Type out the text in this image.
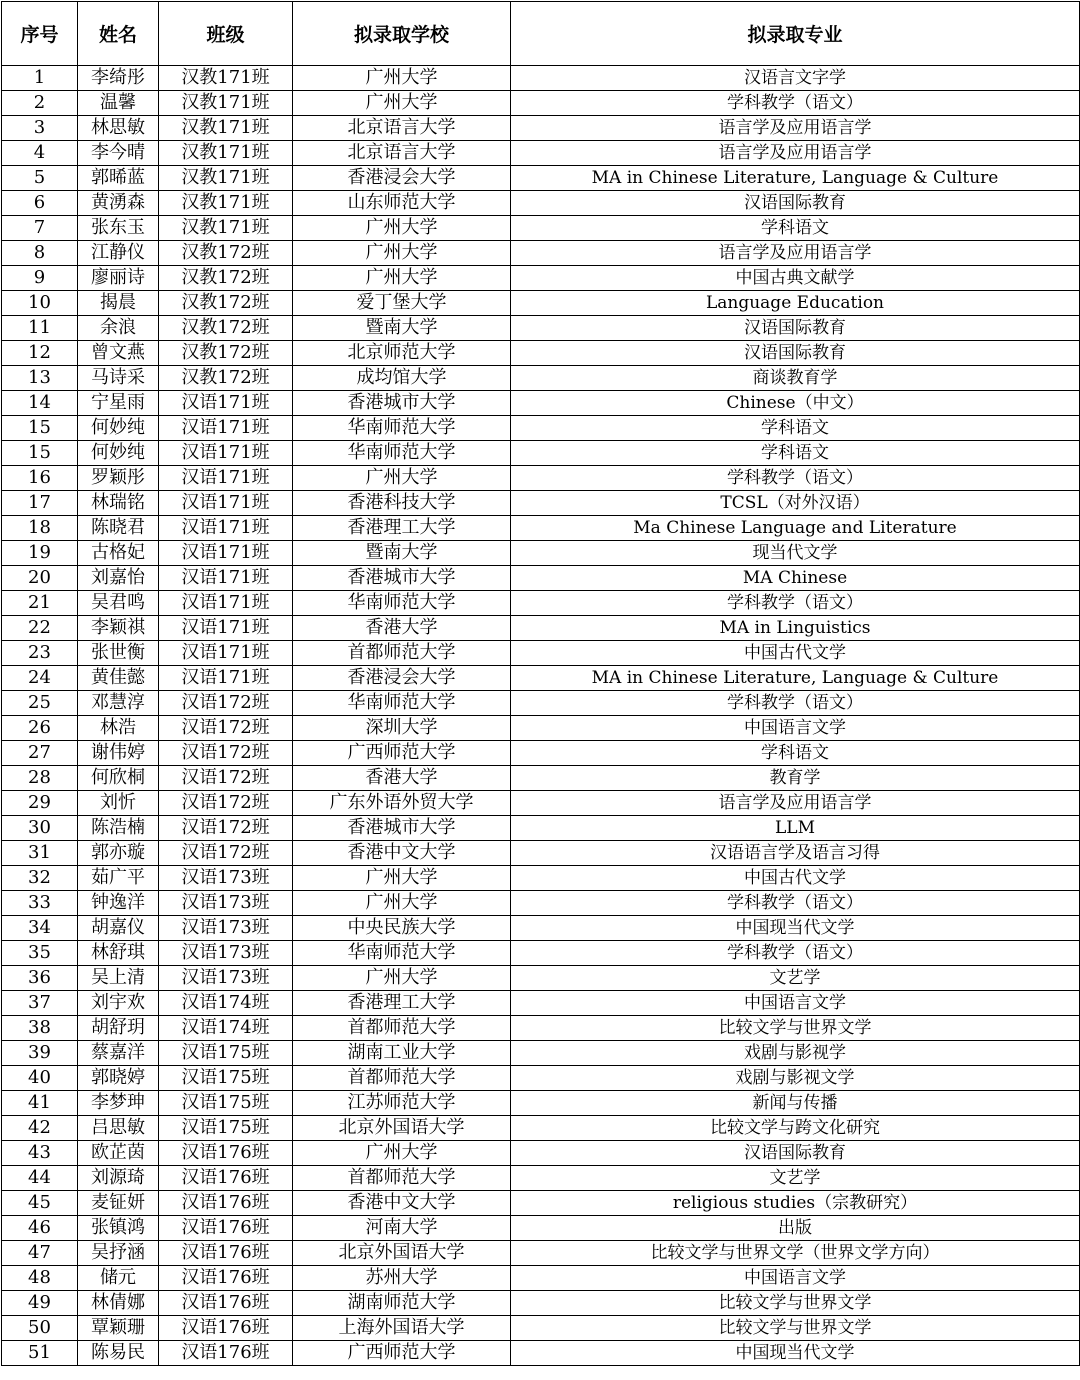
序号	姓名	班级	拟录取学校	拟录取专业
1	李绮彤	汉教171班	广州大学	汉语言文字学
2	温馨	汉教171班	广州大学	学科教学（语文）
3	林思敏	汉教171班	北京语言大学	语言学及应用语言学
4	李今晴	汉教171班	北京语言大学	语言学及应用语言学
5	郭晞蓝	汉教171班	香港浸会大学	MA in Chinese Literature, Language & Culture
6	黄湧森	汉教171班	山东师范大学	汉语国际教育
7	张东玉	汉教171班	广州大学	学科语文
8	江静仪	汉教172班	广州大学	语言学及应用语言学
9	廖丽诗	汉教172班	广州大学	中国古典文献学
10	揭晨	汉教172班	爱丁堡大学	Language Education
11	余浪	汉教172班	暨南大学	汉语国际教育
12	曾文燕	汉教172班	北京师范大学	汉语国际教育
13	马诗采	汉教172班	成均馆大学	商谈教育学
14	宁星雨	汉语171班	香港城市大学	Chinese（中文）
15	何妙纯	汉语171班	华南师范大学	学科语文
15	何妙纯	汉语171班	华南师范大学	学科语文
16	罗颖彤	汉语171班	广州大学	学科教学（语文）
17	林瑞铭	汉语171班	香港科技大学	TCSL（对外汉语）
18	陈晓君	汉语171班	香港理工大学	Ma Chinese Language and Literature
19	古格妃	汉语171班	暨南大学	现当代文学
20	刘嘉怡	汉语171班	香港城市大学	MA Chinese
21	吴君鸣	汉语171班	华南师范大学	学科教学（语文）
22	李颖祺	汉语171班	香港大学	MA in Linguistics
23	张世衡	汉语171班	首都师范大学	中国古代文学
24	黄佳懿	汉语171班	香港浸会大学	MA in Chinese Literature, Language & Culture
25	邓慧淳	汉语172班	华南师范大学	学科教学（语文）
26	林浩	汉语172班	深圳大学	中国语言文学
27	谢伟婷	汉语172班	广西师范大学	学科语文
28	何欣桐	汉语172班	香港大学	教育学
29	刘忻	汉语172班	广东外语外贸大学	语言学及应用语言学
30	陈浩楠	汉语172班	香港城市大学	LLM
31	郭亦璇	汉语172班	香港中文大学	汉语语言学及语言习得
32	茹广平	汉语173班	广州大学	中国古代文学
33	钟逸洋	汉语173班	广州大学	学科教学（语文）
34	胡嘉仪	汉语173班	中央民族大学	中国现当代文学
35	林舒琪	汉语173班	华南师范大学	学科教学（语文）
36	吴上清	汉语173班	广州大学	文艺学
37	刘宇欢	汉语174班	香港理工大学	中国语言文学
38	胡舒玥	汉语174班	首都师范大学	比较文学与世界文学
39	蔡嘉洋	汉语175班	湖南工业大学	戏剧与影视学
40	郭晓婷	汉语175班	首都师范大学	戏剧与影视文学
41	李梦珅	汉语175班	江苏师范大学	新闻与传播
42	吕思敏	汉语175班	北京外国语大学	比较文学与跨文化研究
43	欧芷茵	汉语176班	广州大学	汉语国际教育
44	刘源琦	汉语176班	首都师范大学	文艺学
45	麦钲妍	汉语176班	香港中文大学	religious studies（宗教研究）
46	张镇鸿	汉语176班	河南大学	出版
47	吴抒涵	汉语176班	北京外国语大学	比较文学与世界文学（世界文学方向）
48	储元	汉语176班	苏州大学	中国语言文学
49	林倩娜	汉语176班	湖南师范大学	比较文学与世界文学
50	覃颖珊	汉语176班	上海外国语大学	比较文学与世界文学
51	陈易民	汉语176班	广西师范大学	中国现当代文学
